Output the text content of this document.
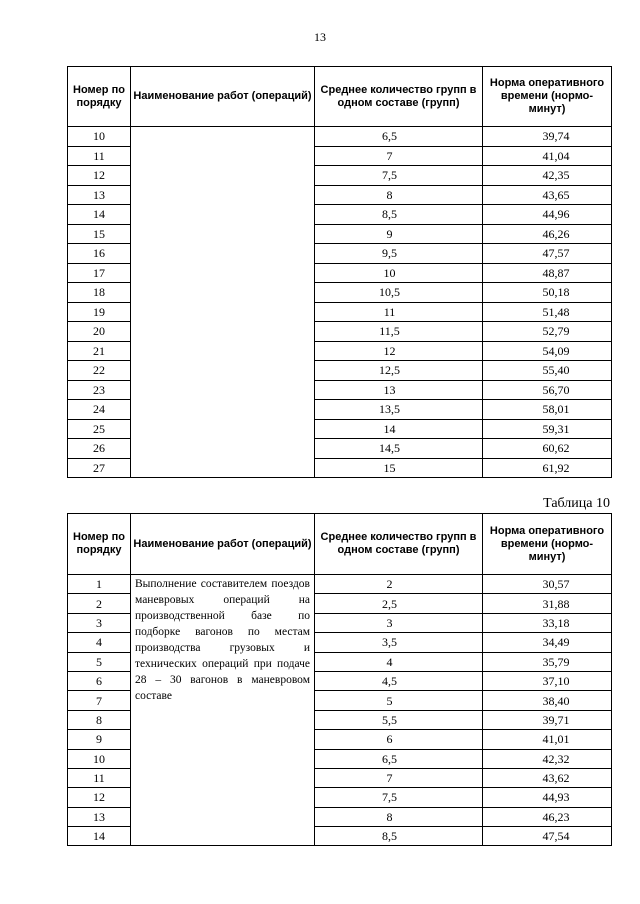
13
Номер по порядку	Наименование работ (операций)	Среднее количество групп в одном составе (групп)	Норма оперативного времени (нормо-минут)
10		6,5	39,74
11		7	41,04
12		7,5	42,35
13		8	43,65
14		8,5	44,96
15		9	46,26
16		9,5	47,57
17		10	48,87
18		10,5	50,18
19		11	51,48
20		11,5	52,79
21		12	54,09
22		12,5	55,40
23		13	56,70
24		13,5	58,01
25		14	59,31
26		14,5	60,62
27		15	61,92
Таблица 10
Номер по порядку	Наименование работ (операций)	Среднее количество групп в одном составе (групп)	Норма оперативного времени (нормо-минут)
1	Выполнение составителем поездов маневровых операций на производственной базе по подборке вагонов по местам производства грузовых и технических операций при подаче 28 – 30 вагонов в маневровом составе	2	30,57
2		2,5	31,88
3		3	33,18
4		3,5	34,49
5		4	35,79
6		4,5	37,10
7		5	38,40
8		5,5	39,71
9		6	41,01
10		6,5	42,32
11		7	43,62
12		7,5	44,93
13		8	46,23
14		8,5	47,54
